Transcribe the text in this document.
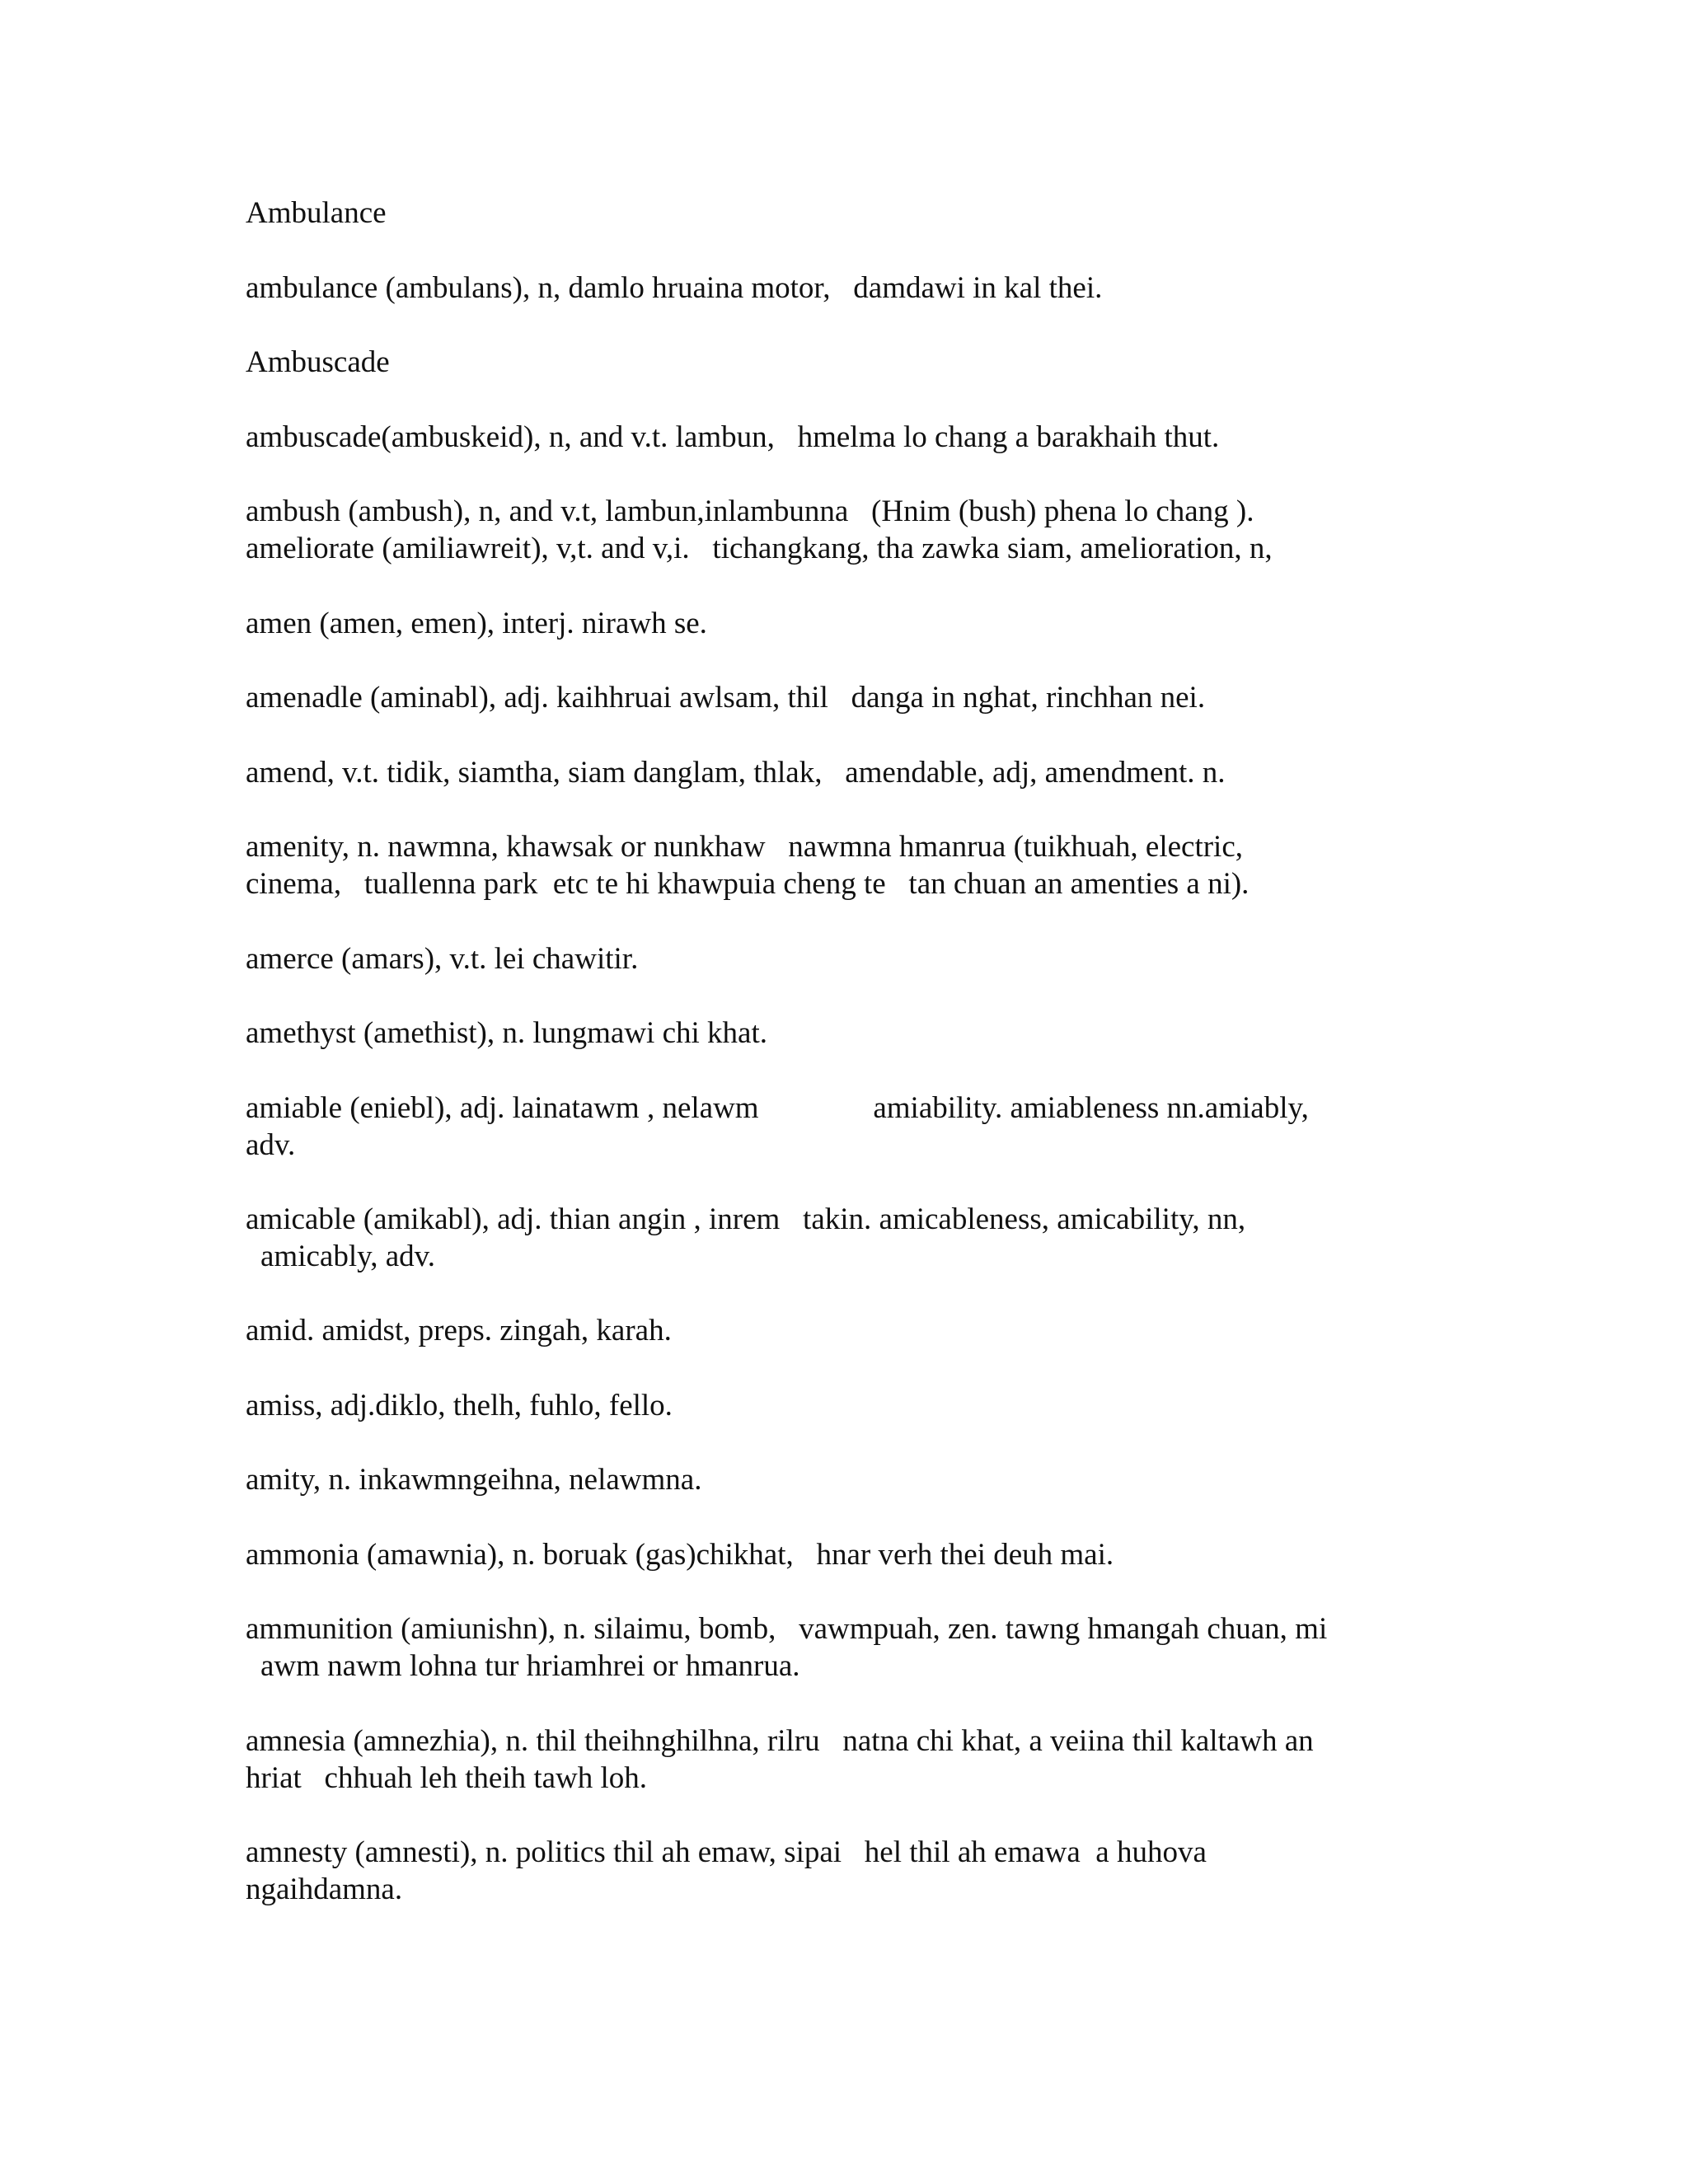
Ambulance

ambulance (ambulans), n, damlo hruaina motor,   damdawi in kal thei.

Ambuscade

ambuscade(ambuskeid), n, and v.t. lambun,   hmelma lo chang a barakhaih thut.

ambush (ambush), n, and v.t, lambun,inlambunna   (Hnim (bush) phena lo chang ).

ameliorate (amiliawreit), v,t. and v,i.   tichangkang, tha zawka siam, amelioration, n,

amen (amen, emen), interj. nirawh se.

amenadle (aminabl), adj. kaihhruai awlsam, thil   danga in nghat, rinchhan nei.

amend, v.t. tidik, siamtha, siam danglam, thlak,   amendable, adj, amendment. n.

amenity, n. nawmna, khawsak or nunkhaw   nawmna hmanrua (tuikhuah, electric,

cinema,   tuallenna park  etc te hi khawpuia cheng te   tan chuan an amenties a ni).

amerce (amars), v.t. lei chawitir.

amethyst (amethist), n. lungmawi chi khat.

amiable (eniebl), adj. lainatawm , nelawm               amiability. amiableness nn.amiably,

adv.

amicable (amikabl), adj. thian angin , inrem   takin. amicableness, amicability, nn,

amicably, adv.

amid. amidst, preps. zingah, karah.

amiss, adj.diklo, thelh, fuhlo, fello.

amity, n. inkawmngeihna, nelawmna.

ammonia (amawnia), n. boruak (gas)chikhat,   hnar verh thei deuh mai.

ammunition (amiunishn), n. silaimu, bomb,   vawmpuah, zen. tawng hmangah chuan, mi

awm nawm lohna tur hriamhrei or hmanrua.

amnesia (amnezhia), n. thil theihnghilhna, rilru   natna chi khat, a veiina thil kaltawh an

hriat   chhuah leh theih tawh loh.

amnesty (amnesti), n. politics thil ah emaw, sipai   hel thil ah emawa  a huhova

ngaihdamna.
